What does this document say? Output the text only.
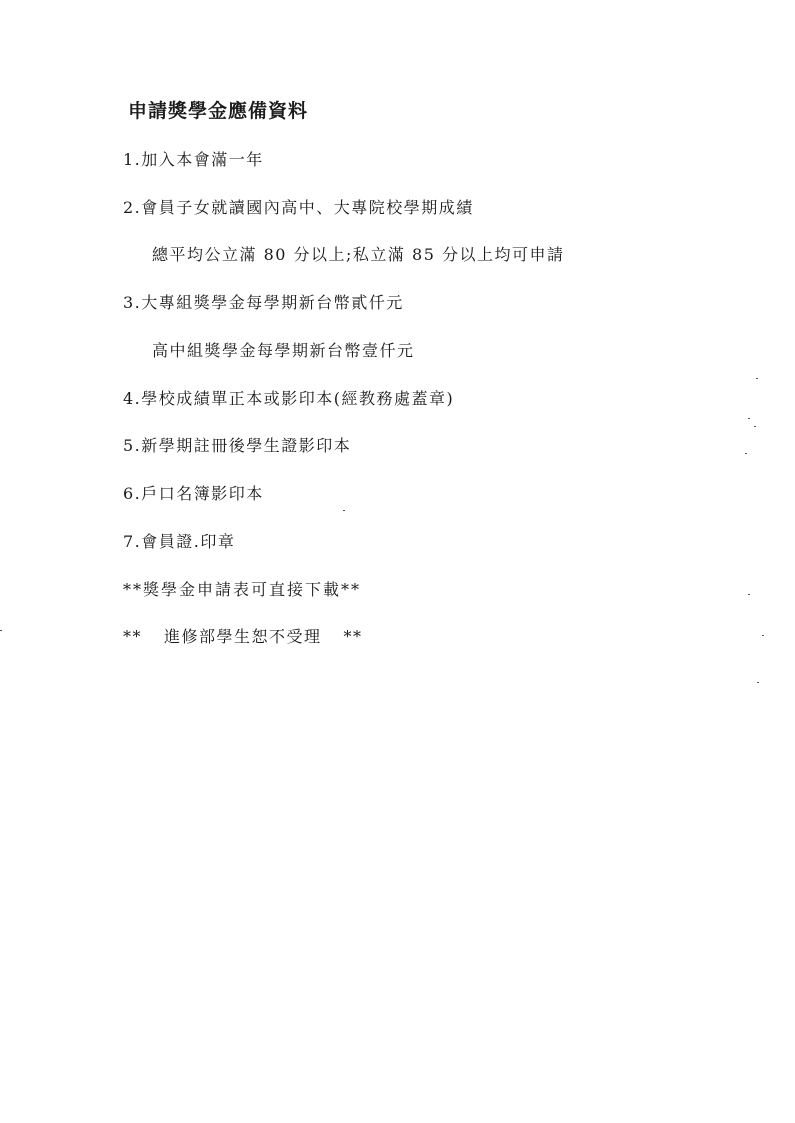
申請獎學金應備資料
1.加入本會滿一年
2.會員子女就讀國內高中、大專院校學期成績
總平均公立滿 80 分以上;私立滿 85 分以上均可申請
3.大專組獎學金每學期新台幣貳仟元
高中組獎學金每學期新台幣壹仟元
4.學校成績單正本或影印本(經教務處蓋章)
5.新學期註冊後學生證影印本
6.戶口名簿影印本
7.會員證.印章
**獎學金申請表可直接下載**
** 進修部學生恕不受理 **
